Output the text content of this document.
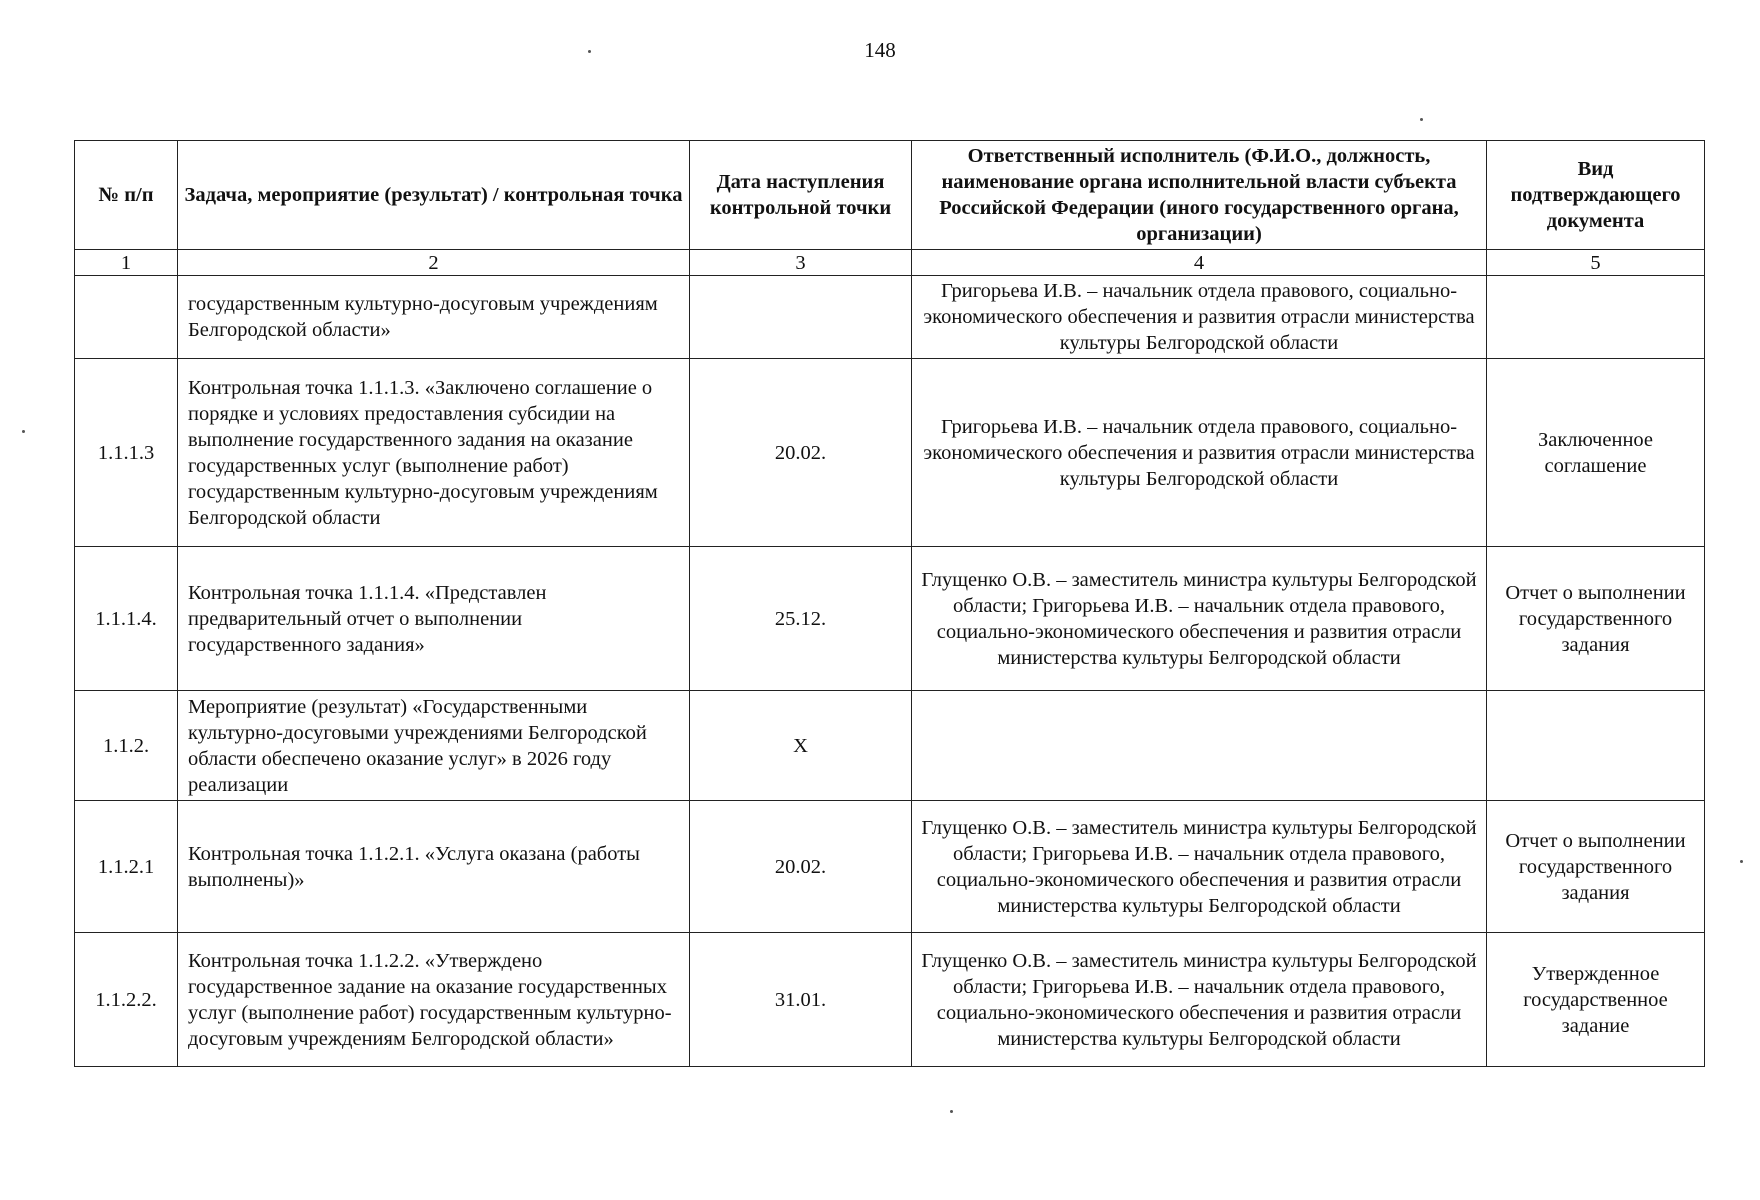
148
№ п/п	Задача, мероприятие (результат) / контрольная точка	Дата наступления контрольной точки	Ответственный исполнитель (Ф.И.О., должность, наименование органа исполнительной власти субъекта Российской Федерации (иного государственного органа, организации)	Вид подтверждающего документа
1	2	3	4	5
	государственным культурно-досуговым учреждениям Белгородской области»		Григорьева И.В. – начальник отдела правового, социально-экономического обеспечения и развития отрасли министерства культуры Белгородской области	
1.1.1.3	Контрольная точка 1.1.1.3. «Заключено соглашение о порядке и условиях предоставления субсидии на выполнение государственного задания на оказание государственных услуг (выполнение работ) государственным культурно-досуговым учреждениям Белгородской области	20.02.	Григорьева И.В. – начальник отдела правового, социально-экономического обеспечения и развития отрасли министерства культуры Белгородской области	Заключенное соглашение
1.1.1.4.	Контрольная точка 1.1.1.4. «Представлен предварительный отчет о выполнении государственного задания»	25.12.	Глущенко О.В. – заместитель министра культуры Белгородской области; Григорьева И.В. – начальник отдела правового, социально-экономического обеспечения и развития отрасли министерства культуры Белгородской области	Отчет о выполнении государственного задания
1.1.2.	Мероприятие (результат) «Государственными культурно-досуговыми учреждениями Белгородской области обеспечено оказание услуг» в 2026 году реализации	X		
1.1.2.1	Контрольная точка 1.1.2.1. «Услуга оказана (работы выполнены)»	20.02.	Глущенко О.В. – заместитель министра культуры Белгородской области; Григорьева И.В. – начальник отдела правового, социально-экономического обеспечения и развития отрасли министерства культуры Белгородской области	Отчет о выполнении государственного задания
1.1.2.2.	Контрольная точка 1.1.2.2. «Утверждено государственное задание на оказание государственных услуг (выполнение работ) государственным культурно-досуговым учреждениям Белгородской области»	31.01.	Глущенко О.В. – заместитель министра культуры Белгородской области; Григорьева И.В. – начальник отдела правового, социально-экономического обеспечения и развития отрасли министерства культуры Белгородской области	Утвержденное государственное задание
